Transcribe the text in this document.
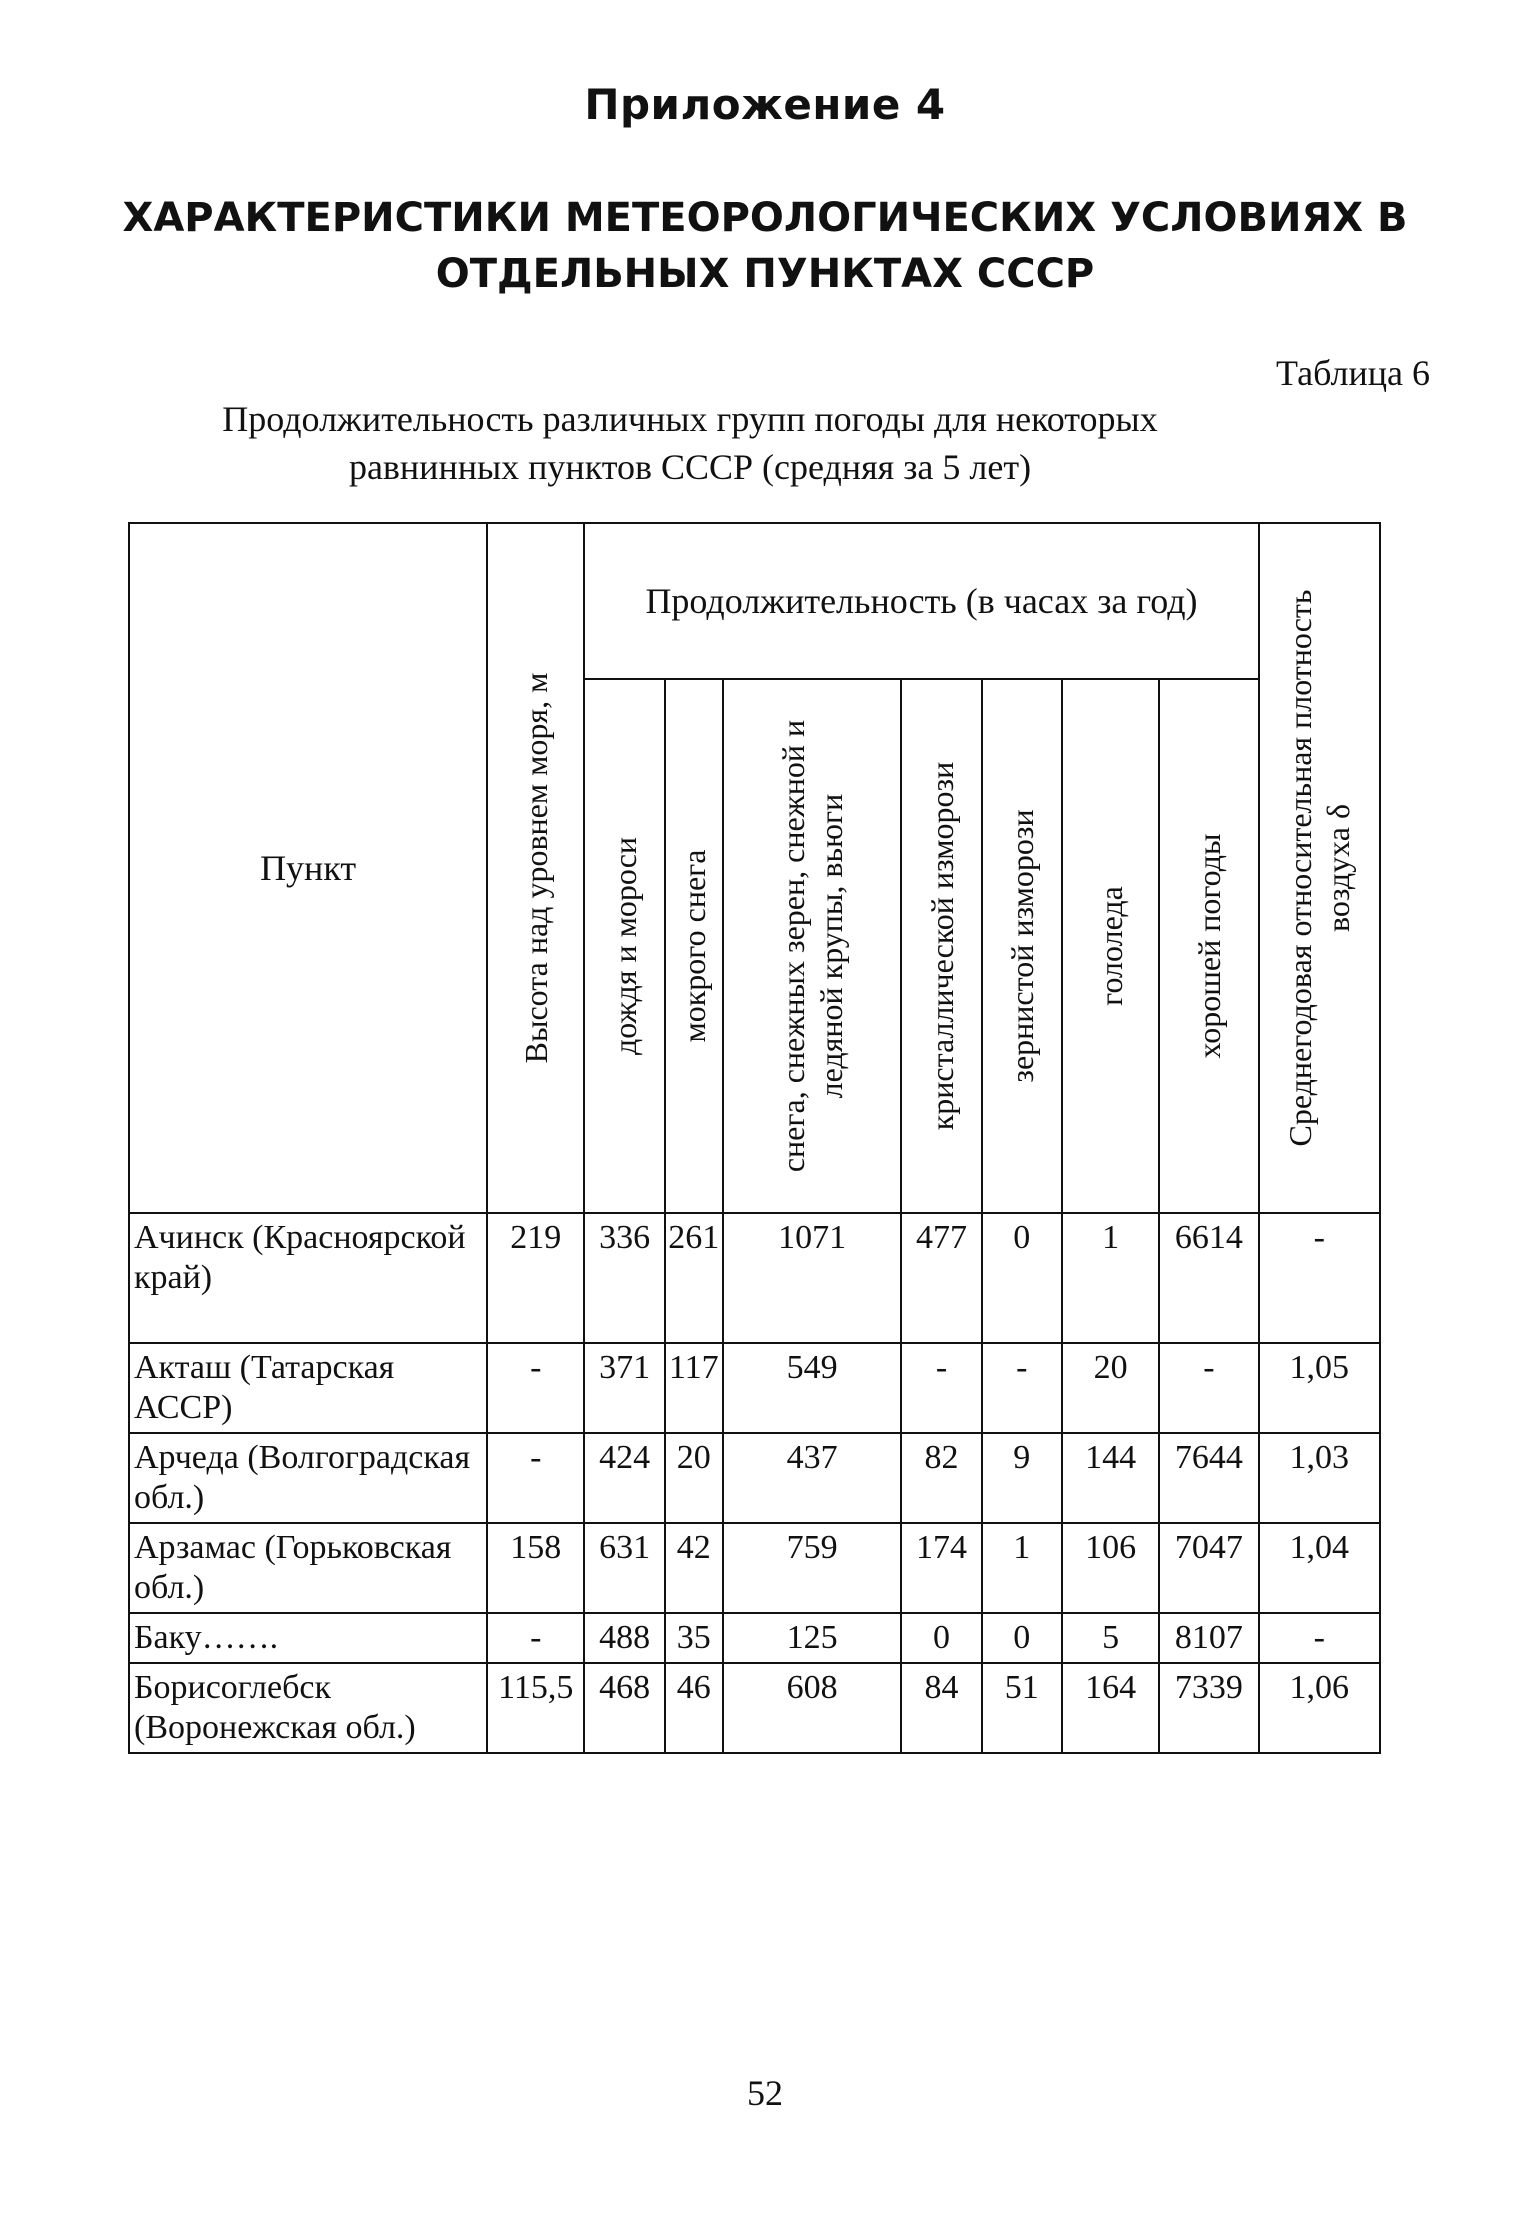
Приложение 4
ХАРАКТЕРИСТИКИ МЕТЕОРОЛОГИЧЕСКИХ УСЛОВИЯХ В
ОТДЕЛЬНЫХ ПУНКТАХ СССР
Таблица 6
Продолжительность различных групп погоды для некоторых
равнинных пунктов СССР (средняя за 5 лет)
Пункт	Высота над уровнем моря, м	Продолжительность (в часах за год)							Среднегодовая относительная плотность воздуха δ

		дождя и мороси	мокрого снега	снега, снежных зерен, снежной и ледяной крупы, вьюги	кристаллической изморози	зернистой изморози	гололеда	хорошей погоды	

Ачинск (Красноярской край)	219	336	261	1071	477	0	1	6614	-
Акташ (Татарская АССР)	-	371	117	549	-	-	20	-	1,05
Арчеда (Волгоградская обл.)	-	424	20	437	82	9	144	7644	1,03
Арзамас (Горьковская обл.)	158	631	42	759	174	1	106	7047	1,04
Баку…….	-	488	35	125	0	0	5	8107	-
Борисоглебск (Воронежская обл.)	115,5	468	46	608	84	51	164	7339	1,06
52
